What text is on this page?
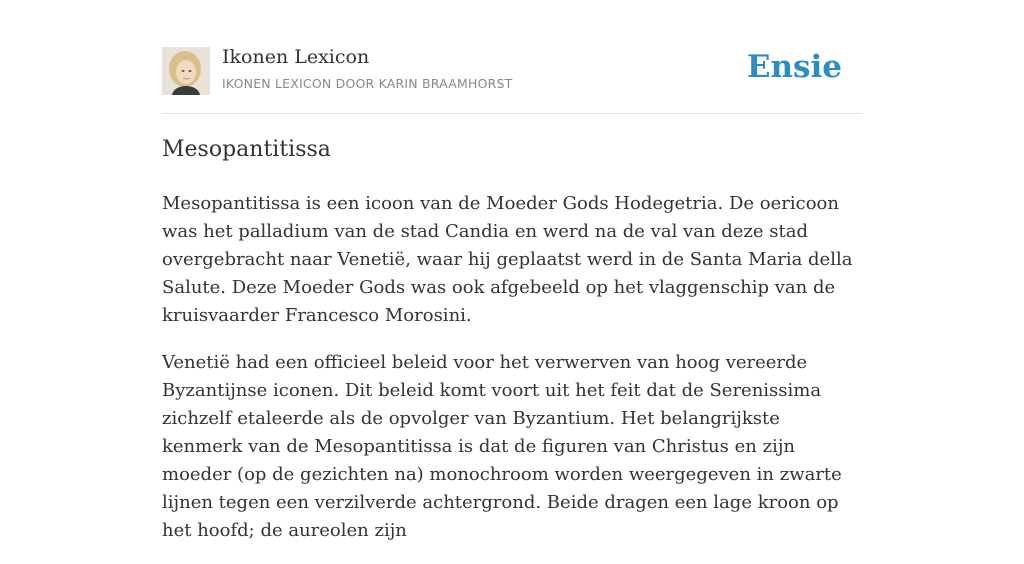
Ikonen Lexicon
IKONEN LEXICON DOOR KARIN BRAAMHORST	Ensie
Mesopantitissa

Mesopantitissa is een icoon van de Moeder Gods Hodegetria. De oericoon was het palladium van de stad Candia en werd na de val van deze stad overgebracht naar Venetië, waar hij geplaatst werd in de Santa Maria della Salute. Deze Moeder Gods was ook afgebeeld op het vlaggenschip van de kruisvaarder Francesco Morosini.

Venetië had een officieel beleid voor het verwerven van hoog vereerde Byzantijnse iconen. Dit beleid komt voort uit het feit dat de Serenissima zichzelf etaleerde als de opvolger van Byzantium. Het belangrijkste kenmerk van de Mesopantitissa is dat de figuren van Christus en zijn moeder (op de gezichten na) monochroom worden weergegeven in zwarte lijnen tegen een verzilverde achtergrond. Beide dragen een lage kroon op het hoofd; de aureolen zijn
